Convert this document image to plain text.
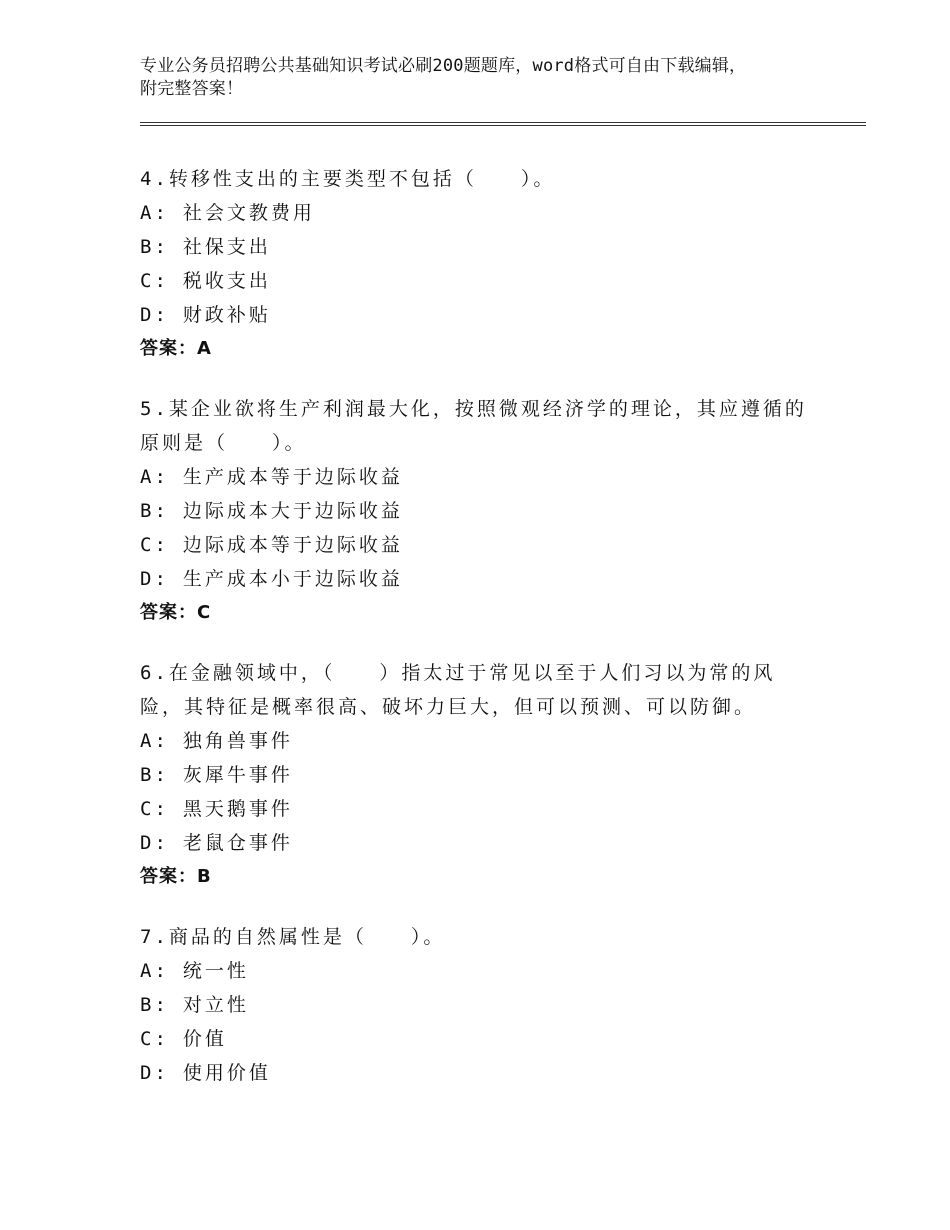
专业公务员招聘公共基础知识考试必刷200题题库，word格式可自由下载编辑，
附完整答案！
4.转移性支出的主要类型不包括（　　）。
A: 社会文教费用
B: 社保支出
C: 税收支出
D: 财政补贴
答案：A
5.某企业欲将生产利润最大化，按照微观经济学的理论，其应遵循的
原则是（　　）。
A: 生产成本等于边际收益
B: 边际成本大于边际收益
C: 边际成本等于边际收益
D: 生产成本小于边际收益
答案：C
6.在金融领域中，（　　）指太过于常见以至于人们习以为常的风
险，其特征是概率很高、破坏力巨大，但可以预测、可以防御。
A: 独角兽事件
B: 灰犀牛事件
C: 黑天鹅事件
D: 老鼠仓事件
答案：B
7.商品的自然属性是（　　）。
A: 统一性
B: 对立性
C: 价值
D: 使用价值
